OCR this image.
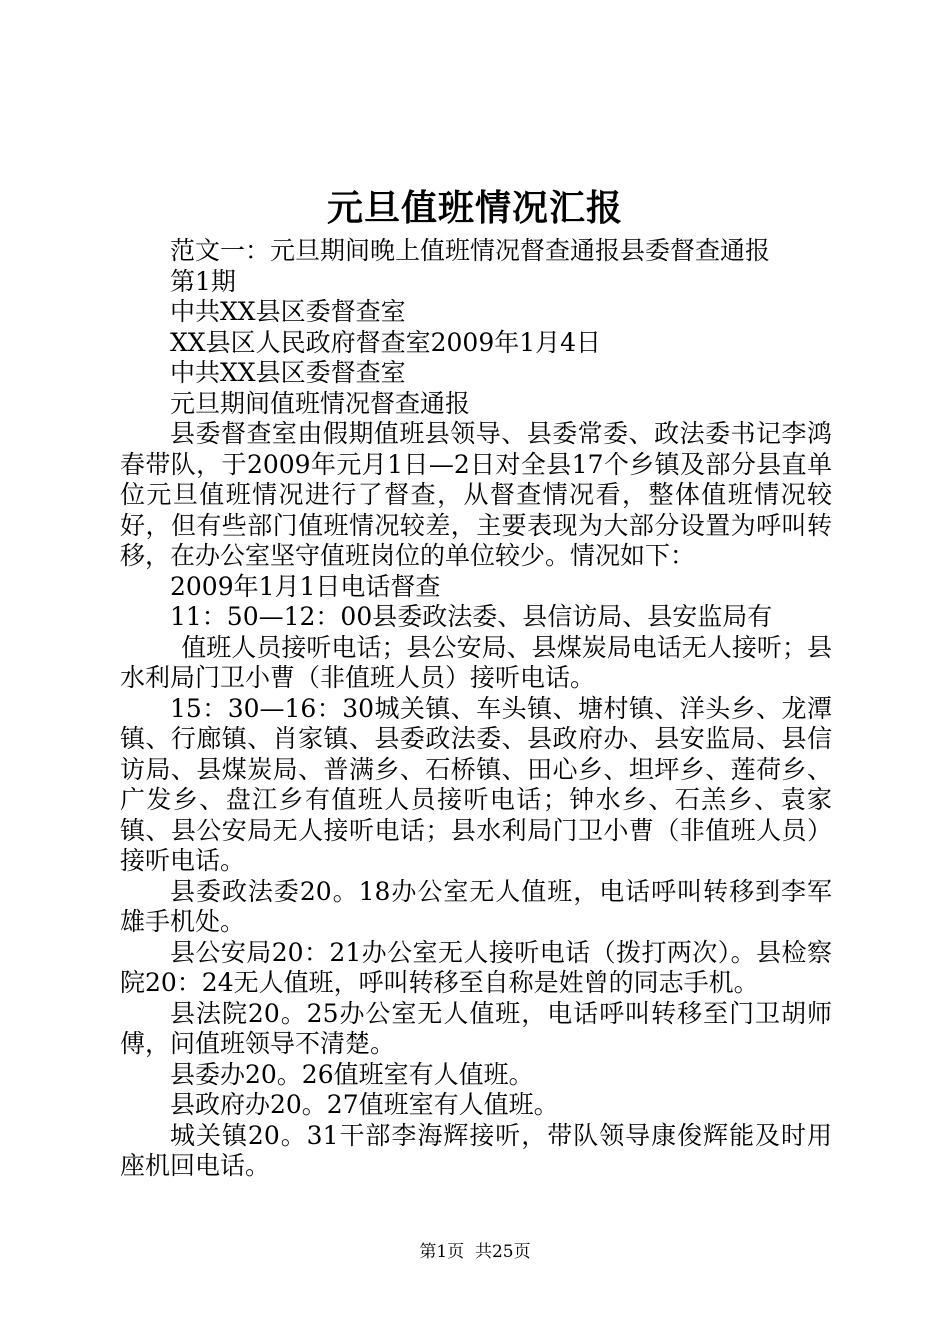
元旦值班情况汇报

范文一：元旦期间晚上值班情况督查通报县委督查通报

第1期

中共XX县区委督查室

XX县区人民政府督查室2009年1月4日

中共XX县区委督查室

元旦期间值班情况督查通报

县委督查室由假期值班县领导、县委常委、政法委书记李鸿春带队，于2009年元月1日—2日对全县17个乡镇及部分县直单位元旦值班情况进行了督查，从督查情况看，整体值班情况较好，但有些部门值班情况较差，主要表现为大部分设置为呼叫转移，在办公室坚守值班岗位的单位较少。情况如下：

2009年1月1日电话督查

11：50—12：00县委政法委、县信访局、县安监局有

值班人员接听电话；县公安局、县煤炭局电话无人接听；县水利局门卫小曹（非值班人员）接听电话。

15：30—16：30城关镇、车头镇、塘村镇、洋头乡、龙潭镇、行廊镇、肖家镇、县委政法委、县政府办、县安监局、县信访局、县煤炭局、普满乡、石桥镇、田心乡、坦坪乡、莲荷乡、广发乡、盘江乡有值班人员接听电话；钟水乡、石羔乡、袁家镇、县公安局无人接听电话；县水利局门卫小曹（非值班人员）接听电话。

县委政法委20。18办公室无人值班，电话呼叫转移到李军雄手机处。

县公安局20：21办公室无人接听电话（拨打两次）。县检察院20：24无人值班，呼叫转移至自称是姓曾的同志手机。

县法院20。25办公室无人值班，电话呼叫转移至门卫胡师傅，问值班领导不清楚。

县委办20。26值班室有人值班。

县政府办20。27值班室有人值班。

城关镇20。31干部李海辉接听，带队领导康俊辉能及时用座机回电话。

第1页  共25页
